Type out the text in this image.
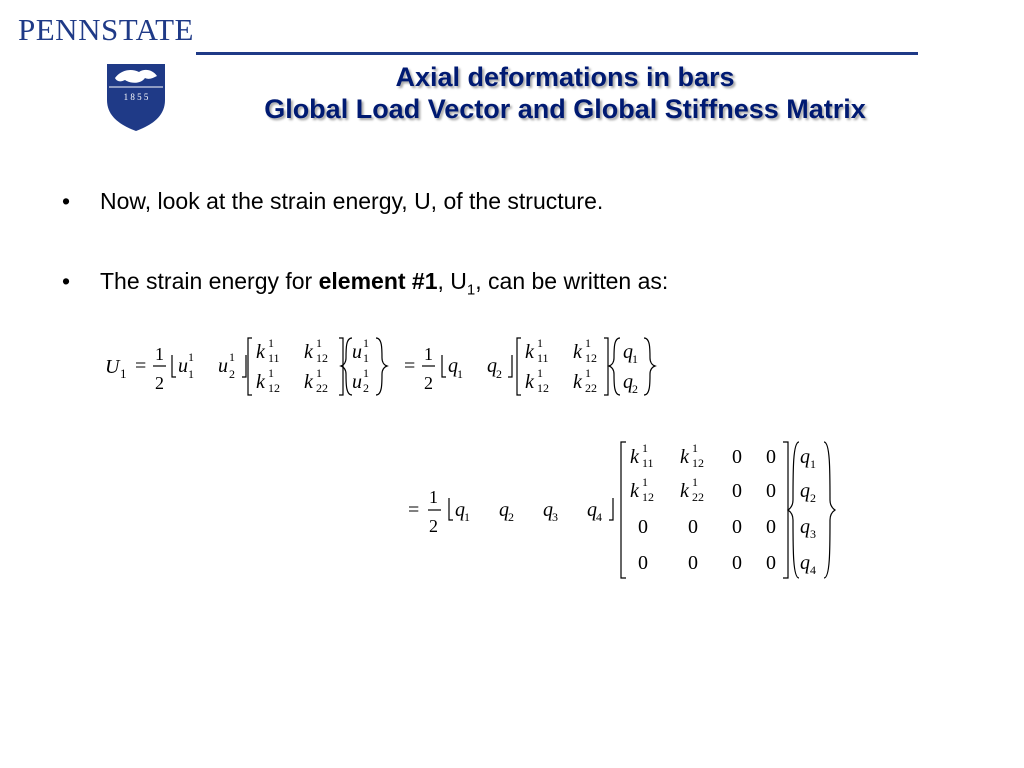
PENNSTATE
1 8 5 5
Axial deformations in bars
Global Load Vector and Global Stiffness Matrix
•	Now, look at the strain energy, U, of the structure.
•	The strain energy for element #1, $U_1$, can be written as:
U 1 =
1
2
u 1
1 u 1
2
k 1
11 k 1
12
k 1
12 k 1
22
u 1
1
u 1
2
=
1
2
q 1 q 2
k 1
11 k 1
12
k 1
12 k 1
22
q 1
q 2
=
1
2
q 1 q 2 q 3 q 4
k 1
11 k 1
12 0 0
k 1
12 k 1
22 0 0
0 0 0 0
0 0 0 0
q 1
q 2
q 3
q 4
